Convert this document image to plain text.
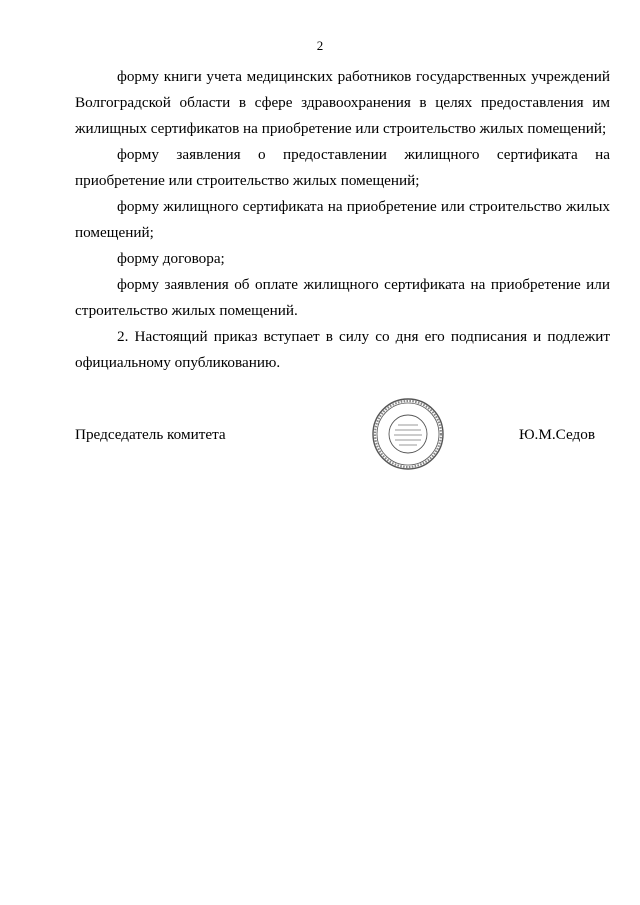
2

форму книги учета медицинских работников государственных учреждений Волгоградской области в сфере здравоохранения в целях предоставления им жилищных сертификатов на приобретение или строительство жилых помещений;

форму заявления о предоставлении жилищного сертификата на приобретение или строительство жилых помещений;

форму жилищного сертификата на приобретение или строительство жилых помещений;

форму договора;

форму заявления об оплате жилищного сертификата на приобретение или строительство жилых помещений.

2. Настоящий приказ вступает в силу со дня его подписания и подлежит официальному опубликованию.

Председатель комитета	Ю.М.Седов
